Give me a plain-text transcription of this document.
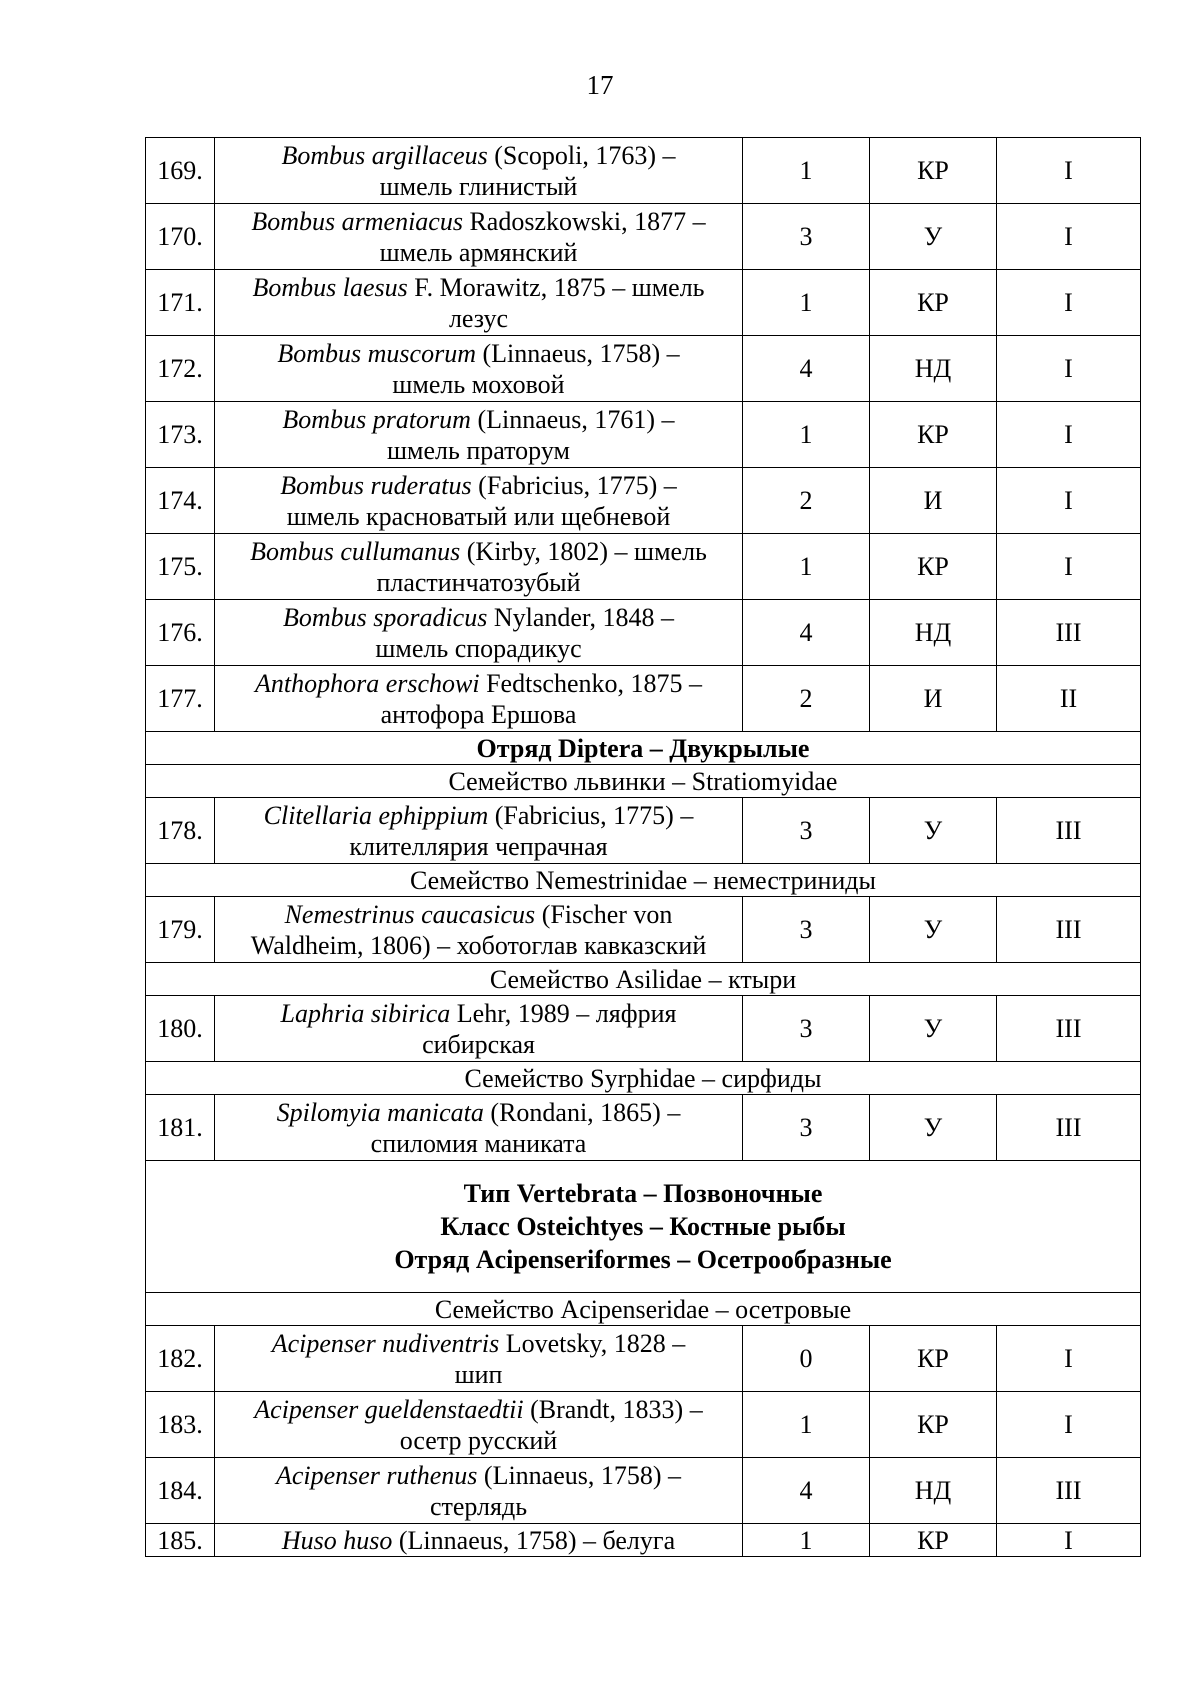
17
169.	Bombus argillaceus (Scopoli, 1763) –
шмель глинистый	1	КР	I
170.	Bombus armeniacus Radoszkowski, 1877 –
шмель армянский	3	У	I
171.	Bombus laesus F. Morawitz, 1875 – шмель
лезус	1	КР	I
172.	Bombus muscorum (Linnaeus, 1758) –
шмель моховой	4	НД	I
173.	Bombus pratorum (Linnaeus, 1761) –
шмель праторум	1	КР	I
174.	Bombus ruderatus (Fabricius, 1775) –
шмель красноватый или щебневой	2	И	I
175.	Bombus cullumanus (Kirby, 1802) – шмель
пластинчатозубый	1	КР	I
176.	Bombus sporadicus Nylander, 1848 –
шмель спорадикус	4	НД	III
177.	Anthophora erschowi Fedtschenko, 1875 –
антофора Ершова	2	И	II
Отряд Diptera – Двукрылые				
Семейство львинки – Stratiomyidae				
178.	Clitellaria ephippium (Fabricius, 1775) –
клителлярия чепрачная	3	У	III
Семейство Nemestrinidae – неместриниды				
179.	Nemestrinus caucasicus (Fischer von
Waldheim, 1806) – хоботоглав кавказский	3	У	III
Семейство Asilidae – ктыри				
180.	Laphria sibirica Lehr, 1989 – ляфрия
сибирская	3	У	III
Семейство Syrphidae – сирфиды				
181.	Spilomyia manicata (Rondani, 1865) –
спиломия маниката	3	У	III

Тип Vertebrata – Позвоночные
Класс Osteichtyes – Костные рыбы
Отряд Acipenseriformes – Осетрообразные				

Семейство Acipenseridae – осетровые				
182.	Acipenser nudiventris Lovetsky, 1828 –
шип	0	КР	I
183.	Acipenser gueldenstaedtii (Brandt, 1833) –
осетр русский	1	КР	I
184.	Acipenser ruthenus (Linnaeus, 1758) –
стерлядь	4	НД	III
185.	Huso huso (Linnaeus, 1758) – белуга	1	КР	I
